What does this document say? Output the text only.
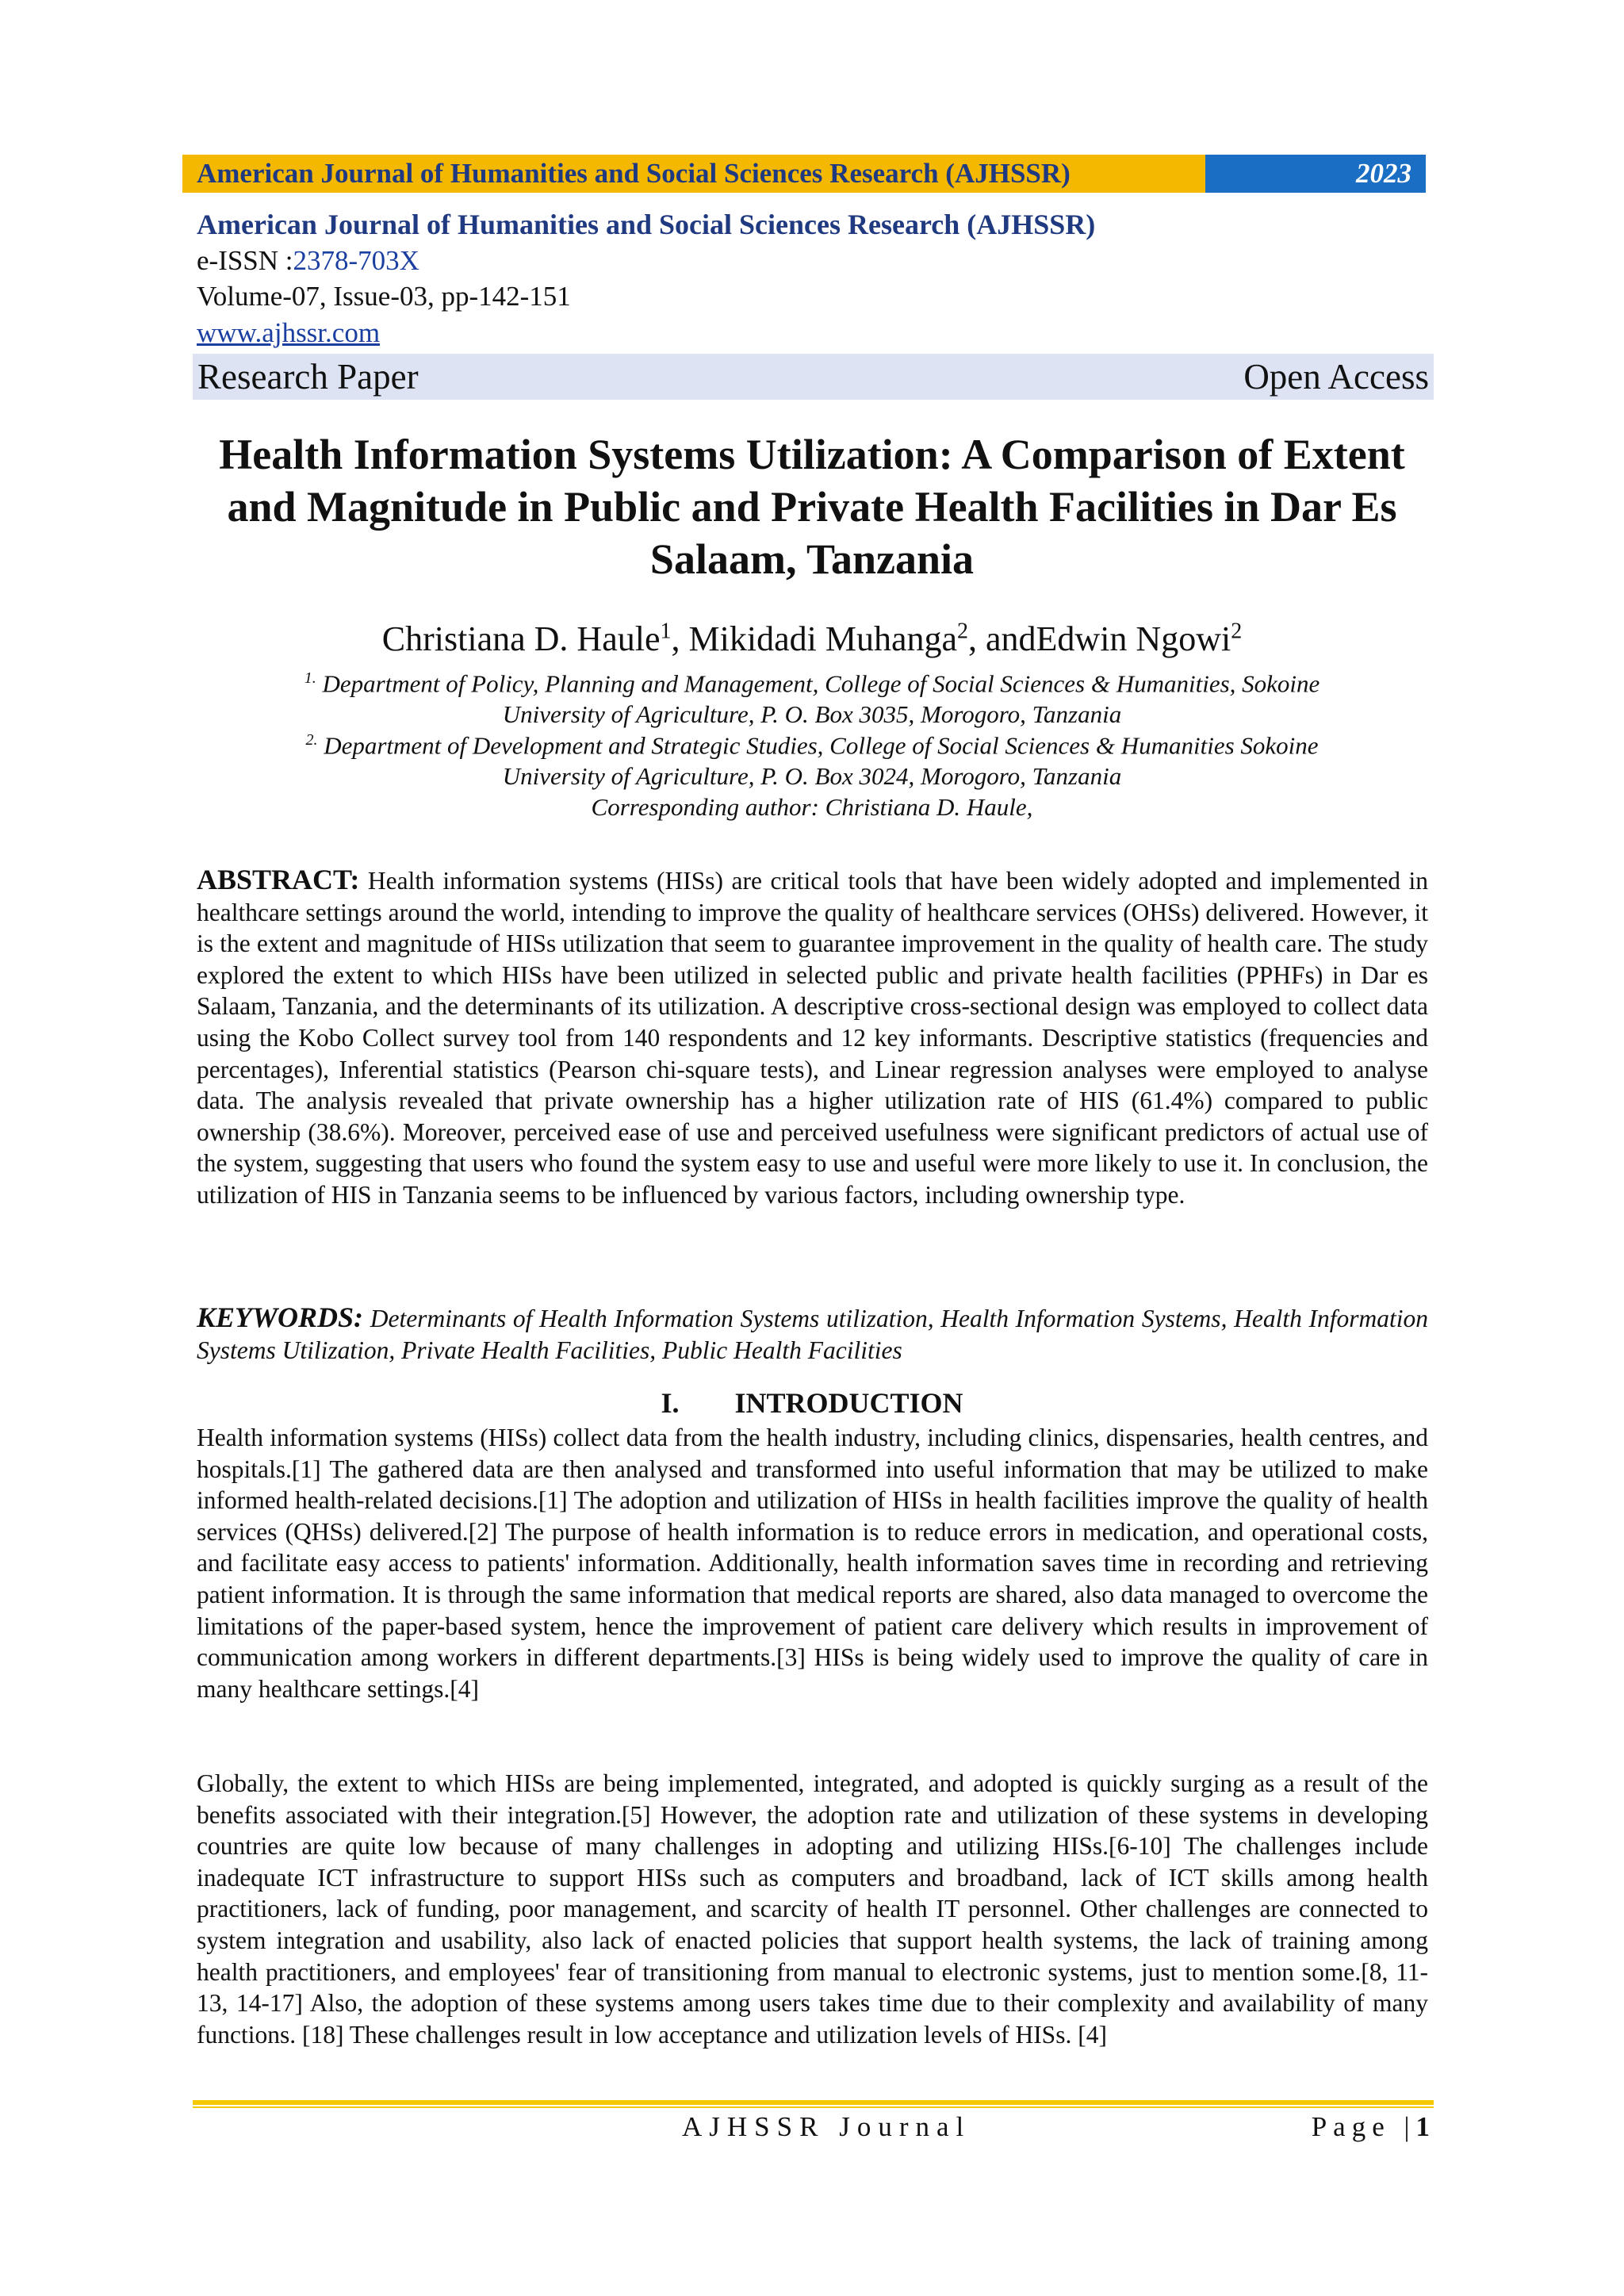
American Journal of Humanities and Social Sciences Research (AJHSSR)	2023
American Journal of Humanities and Social Sciences Research (AJHSSR)
e-ISSN :2378-703X
Volume-07, Issue-03, pp-142-151
www.ajhssr.com
Research Paper	Open Access
Health Information Systems Utilization: A Comparison of Extent
and Magnitude in Public and Private Health Facilities in Dar Es
Salaam, Tanzania
Christiana D. Haule$^1$, Mikidadi Muhanga$^2$, andEdwin Ngowi$^2$
$^{1.}$ Department of Policy, Planning and Management, College of Social Sciences & Humanities, Sokoine
University of Agriculture, P. O. Box 3035, Morogoro, Tanzania
$^{2.}$ Department of Development and Strategic Studies, College of Social Sciences & Humanities Sokoine
University of Agriculture, P. O. Box 3024, Morogoro, Tanzania
Corresponding author: Christiana D. Haule,
ABSTRACT: Health information systems (HISs) are critical tools that have been widely adopted and implemented in healthcare settings around the world, intending to improve the quality of healthcare services (OHSs) delivered. However, it is the extent and magnitude of HISs utilization that seem to guarantee improvement in the quality of health care. The study explored the extent to which HISs have been utilized in selected public and private health facilities (PPHFs) in Dar es Salaam, Tanzania, and the determinants of its utilization. A descriptive cross-sectional design was employed to collect data using the Kobo Collect survey tool from 140 respondents and 12 key informants. Descriptive statistics (frequencies and percentages), Inferential statistics (Pearson chi-square tests), and Linear regression analyses were employed to analyse data. The analysis revealed that private ownership has a higher utilization rate of HIS (61.4%) compared to public ownership (38.6%). Moreover, perceived ease of use and perceived usefulness were significant predictors of actual use of the system, suggesting that users who found the system easy to use and useful were more likely to use it. In conclusion, the utilization of HIS in Tanzania seems to be influenced by various factors, including ownership type.
KEYWORDS: Determinants of Health Information Systems utilization, Health Information Systems, Health Information Systems Utilization, Private Health Facilities, Public Health Facilities
I. INTRODUCTION
Health information systems (HISs) collect data from the health industry, including clinics, dispensaries, health centres, and hospitals.[1] The gathered data are then analysed and transformed into useful information that may be utilized to make informed health-related decisions.[1] The adoption and utilization of HISs in health facilities improve the quality of health services (QHSs) delivered.[2] The purpose of health information is to reduce errors in medication, and operational costs, and facilitate easy access to patients' information. Additionally, health information saves time in recording and retrieving patient information. It is through the same information that medical reports are shared, also data managed to overcome the limitations of the paper-based system, hence the improvement of patient care delivery which results in improvement of communication among workers in different departments.[3] HISs is being widely used to improve the quality of care in many healthcare settings.[4]
Globally, the extent to which HISs are being implemented, integrated, and adopted is quickly surging as a result of the benefits associated with their integration.[5] However, the adoption rate and utilization of these systems in developing countries are quite low because of many challenges in adopting and utilizing HISs.[6-10] The challenges include inadequate ICT infrastructure to support HISs such as computers and broadband, lack of ICT skills among health practitioners, lack of funding, poor management, and scarcity of health IT personnel. Other challenges are connected to system integration and usability, also lack of enacted policies that support health systems, the lack of training among health practitioners, and employees' fear of transitioning from manual to electronic systems, just to mention some.[8, 11-13, 14-17] Also, the adoption of these systems among users takes time due to their complexity and availability of many functions. [18] These challenges result in low acceptance and utilization levels of HISs. [4]
AJHSSR Journal	Page |1
